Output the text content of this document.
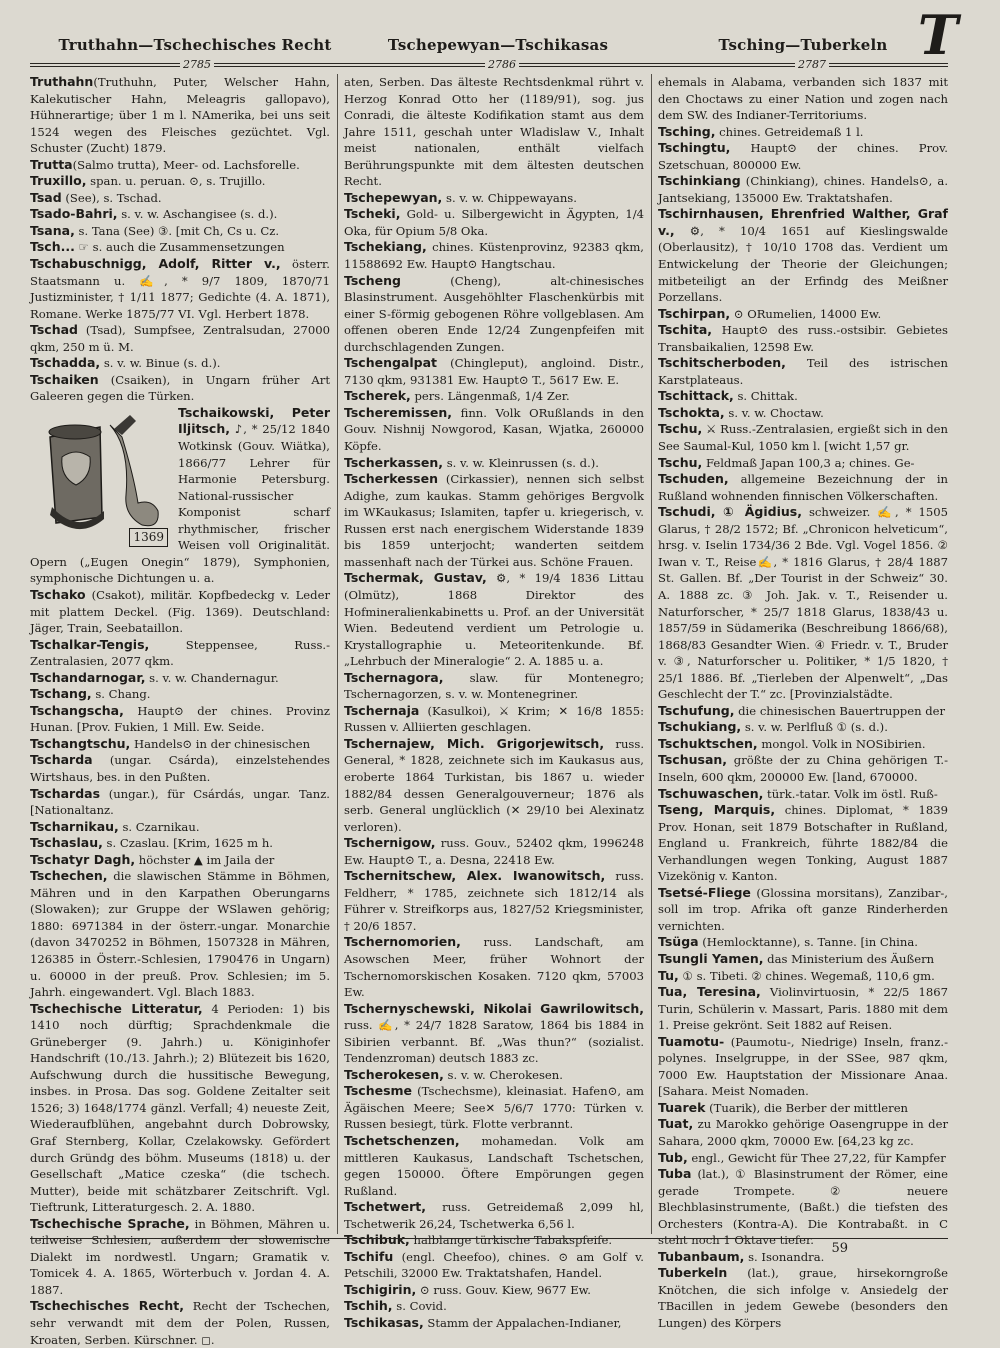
Truthahn—Tschechisches Recht	Tschepewyan—Tschikasas	Tsching—Tuberkeln T
2785	2786	2787

Truthahn(Truthuhn, Puter, Welscher Hahn, Kalekutischer Hahn, Meleagris gallopavo), Hühnerartige; über 1 m l. NAmerika, bei uns seit 1524 wegen des Fleisches gezüchtet. Vgl. Schuster (Zucht) 1879.

Trutta(Salmo trutta), Meer- od. Lachsforelle.

Truxillo, span. u. peruan. ⊙, s. Trujillo.

Tsad (See), s. Tschad.

Tsado-Bahri, s. v. w. Aschangisee (s. d.).

Tsana, s. Tana (See) ③. [mit Ch, Cs u. Cz.

Tsch... ☞ s. auch die Zusammensetzungen

Tschabuschnigg, Adolf, Ritter v., österr. Staatsmann u. ✍, * 9/7 1809, 1870/71 Justizminister, † 1/11 1877; Gedichte (4. A. 1871), Romane. Werke 1875/77 VI. Vgl. Herbert 1878.

Tschad (Tsad), Sumpfsee, Zentralsudan, 27000 qkm, 250 m ü. M.

Tschadda, s. v. w. Binue (s. d.).

Tschaiken (Csaiken), in Ungarn früher Art Galeeren gegen die Türken.

1369

Tschaikowski, Peter Iljitsch, ♪, * 25/12 1840 Wotkinsk (Gouv. Wiätka), 1866/77 Lehrer für Harmonie Petersburg. National-russischer Komponist scharf rhythmischer, frischer Weisen voll Originalität. Opern („Eugen Onegin“ 1879), Symphonien, symphonische Dichtungen u. a.

Tschako (Csakot), militär. Kopfbedeckg v. Leder mit plattem Deckel. (Fig. 1369). Deutschland: Jäger, Train, Seebataillon.

Tschalkar-Tengis, Steppensee, Russ.-Zentralasien, 2077 qkm.

Tschandarnogar, s. v. w. Chandernagur.

Tschang, s. Chang.

Tschangscha, Haupt⊙ der chines. Provinz Hunan. [Prov. Fukien, 1 Mill. Ew. Seide.

Tschangtschu, Handels⊙ in der chinesischen

Tscharda (ungar. Csárda), einzelstehendes Wirtshaus, bes. in den Pußten.

Tschardas (ungar.), für Csárdás, ungar. Tanz. [Nationaltanz.

Tscharnikau, s. Czarnikau.

Tschaslau, s. Czaslau. [Krim, 1625 m h.

Tschatyr Dagh, höchster ▲ im Jaila der

Tschechen, die slawischen Stämme in Böhmen, Mähren und in den Karpathen Oberungarns (Slowaken); zur Gruppe der WSlawen gehörig; 1880: 6971384 in der österr.-ungar. Monarchie (davon 3470252 in Böhmen, 1507328 in Mähren, 126385 in Österr.-Schlesien, 1790476 in Ungarn) u. 60000 in der preuß. Prov. Schlesien; im 5. Jahrh. eingewandert. Vgl. Blach 1883.

Tschechische Litteratur, 4 Perioden: 1) bis 1410 noch dürftig; Sprachdenkmale die Grüneberger (9. Jahrh.) u. Königinhofer Handschrift (10./13. Jahrh.); 2) Blütezeit bis 1620, Aufschwung durch die hussitische Bewegung, insbes. in Prosa. Das sog. Goldene Zeitalter seit 1526; 3) 1648/1774 gänzl. Verfall; 4) neueste Zeit, Wiederaufblühen, angebahnt durch Dobrowsky, Graf Sternberg, Kollar, Czelakowsky. Gefördert durch Gründg des böhm. Museums (1818) u. der Gesellschaft „Matice czeska“ (die tschech. Mutter), beide mit schätzbarer Zeitschrift. Vgl. Tieftrunk, Litteraturgesch. 2. A. 1880.

Tschechische Sprache, in Böhmen, Mähren u. teilweise Schlesien, außerdem der slowenische Dialekt im nordwestl. Ungarn; Gramatik v. Tomicek 4. A. 1865, Wörterbuch v. Jordan 4. A. 1887.

Tschechisches Recht, Recht der Tschechen, sehr verwandt mit dem der Polen, Russen, Kroaten, Serben. Kürschner. ◻.

aten, Serben. Das älteste Rechtsdenkmal rührt v. Herzog Konrad Otto her (1189/91), sog. jus Conradi, die älteste Kodifikation stamt aus dem Jahre 1511, geschah unter Wladislaw V., Inhalt meist nationalen, enthält vielfach Berührungspunkte mit dem ältesten deutschen Recht.

Tschepewyan, s. v. w. Chippewayans.

Tscheki, Gold- u. Silbergewicht in Ägypten, 1/4 Oka, für Opium 5/8 Oka.

Tschekiang, chines. Küstenprovinz, 92383 qkm, 11588692 Ew. Haupt⊙ Hangtschau.

Tscheng (Cheng), alt-chinesisches Blasinstrument. Ausgehöhlter Flaschenkürbis mit einer S-förmig gebogenen Röhre vollgeblasen. Am offenen oberen Ende 12/24 Zungenpfeifen mit durchschlagenden Zungen.

Tschengalpat (Chingleput), angloind. Distr., 7130 qkm, 931381 Ew. Haupt⊙ T., 5617 Ew. E.

Tscherek, pers. Längenmaß, 1/4 Zer.

Tscheremissen, finn. Volk ORußlands in den Gouv. Nishnij Nowgorod, Kasan, Wjatka, 260000 Köpfe.

Tscherkassen, s. v. w. Kleinrussen (s. d.).

Tscherkessen (Cirkassier), nennen sich selbst Adighe, zum kaukas. Stamm gehöriges Bergvolk im WKaukasus; Islamiten, tapfer u. kriegerisch, v. Russen erst nach energischem Widerstande 1839 bis 1859 unterjocht; wanderten seitdem massenhaft nach der Türkei aus. Schöne Frauen.

Tschermak, Gustav, ⚙, * 19/4 1836 Littau (Olmütz), 1868 Direktor des Hofmineralienkabinetts u. Prof. an der Universität Wien. Bedeutend verdient um Petrologie u. Krystallographie u. Meteoritenkunde. Bf. „Lehrbuch der Mineralogie“ 2. A. 1885 u. a.

Tschernagora, slaw. für Montenegro; Tschernagorzen, s. v. w. Montenegriner.

Tschernaja (Kasulkoi), ⚔ Krim; ✕ 16/8 1855: Russen v. Alliierten geschlagen.

Tschernajew, Mich. Grigorjewitsch, russ. General, * 1828, zeichnete sich im Kaukasus aus, eroberte 1864 Turkistan, bis 1867 u. wieder 1882/84 dessen Generalgouverneur; 1876 als serb. General unglücklich (✕ 29/10 bei Alexinatz verloren).

Tschernigow, russ. Gouv., 52402 qkm, 1996248 Ew. Haupt⊙ T., a. Desna, 22418 Ew.

Tschernitschew, Alex. Iwanowitsch, russ. Feldherr, * 1785, zeichnete sich 1812/14 als Führer v. Streifkorps aus, 1827/52 Kriegsminister, † 20/6 1857.

Tschernomorien, russ. Landschaft, am Asowschen Meer, früher Wohnort der Tschernomorskischen Kosaken. 7120 qkm, 57003 Ew.

Tschernyschewski, Nikolai Gawrilowitsch, russ. ✍, * 24/7 1828 Saratow, 1864 bis 1884 in Sibirien verbannt. Bf. „Was thun?“ (sozialist. Tendenzroman) deutsch 1883 zc.

Tscherokesen, s. v. w. Cherokesen.

Tschesme (Tschechsme), kleinasiat. Hafen⊙, am Ägäischen Meere; See✕ 5/6/7 1770: Türken v. Russen besiegt, türk. Flotte verbrannt.

Tschetschenzen, mohamedan. Volk am mittleren Kaukasus, Landschaft Tschetschen, gegen 150000. Öftere Empörungen gegen Rußland.

Tschetwert, russ. Getreidemaß 2,099 hl, Tschetwerik 26,24, Tschetwerka 6,56 l.

Tschibuk, halblange türkische Tabakspfeife.

Tschifu (engl. Cheefoo), chines. ⊙ am Golf v. Petschili, 32000 Ew. Traktatshafen, Handel.

Tschigirin, ⊙ russ. Gouv. Kiew, 9677 Ew.

Tschih, s. Covid.

Tschikasas, Stamm der Appalachen-Indianer,

ehemals in Alabama, verbanden sich 1837 mit den Choctaws zu einer Nation und zogen nach dem SW. des Indianer-Territoriums.

Tsching, chines. Getreidemaß 1 l.

Tschingtu, Haupt⊙ der chines. Prov. Szetschuan, 800000 Ew.

Tschinkiang (Chinkiang), chines. Handels⊙, a. Jantsekiang, 135000 Ew. Traktatshafen.

Tschirnhausen, Ehrenfried Walther, Graf v., ⚙, * 10/4 1651 auf Kieslingswalde (Oberlausitz), † 10/10 1708 das. Verdient um Entwickelung der Theorie der Gleichungen; mitbeteiligt an der Erfindg des Meißner Porzellans.

Tschirpan, ⊙ ORumelien, 14000 Ew.

Tschita, Haupt⊙ des russ.-ostsibir. Gebietes Transbaikalien, 12598 Ew.

Tschitscherboden, Teil des istrischen Karstplateaus.

Tschittack, s. Chittak.

Tschokta, s. v. w. Choctaw.

Tschu, ⚔ Russ.-Zentralasien, ergießt sich in den See Saumal-Kul, 1050 km l. [wicht 1,57 gr.

Tschu, Feldmaß Japan 100,3 a; chines. Ge-

Tschuden, allgemeine Bezeichnung der in Rußland wohnenden finnischen Völkerschaften.

Tschudi, ① Ägidius, schweizer. ✍, * 1505 Glarus, † 28/2 1572; Bf. „Chronicon helveticum“, hrsg. v. Iselin 1734/36 2 Bde. Vgl. Vogel 1856. ② Iwan v. T., Reise✍, * 1816 Glarus, † 28/4 1887 St. Gallen. Bf. „Der Tourist in der Schweiz“ 30. A. 1888 zc. ③ Joh. Jak. v. T., Reisender u. Naturforscher, * 25/7 1818 Glarus, 1838/43 u. 1857/59 in Südamerika (Beschreibung 1866/68), 1868/83 Gesandter Wien. ④ Friedr. v. T., Bruder v. ③, Naturforscher u. Politiker, * 1/5 1820, † 25/1 1886. Bf. „Tierleben der Alpenwelt“, „Das Geschlecht der T.“ zc. [Provinzialstädte.

Tschufung, die chinesischen Bauertruppen der

Tschukiang, s. v. w. Perlfluß ① (s. d.).

Tschuktschen, mongol. Volk in NOSibirien.

Tschusan, größte der zu China gehörigen T.-Inseln, 600 qkm, 200000 Ew. [land, 670000.

Tschuwaschen, türk.-tatar. Volk im östl. Ruß-

Tseng, Marquis, chines. Diplomat, * 1839 Prov. Honan, seit 1879 Botschafter in Rußland, England u. Frankreich, führte 1882/84 die Verhandlungen wegen Tonking, August 1887 Vizekönig v. Kanton.

Tsetsé-Fliege (Glossina morsitans), Zanzibar-, soll im trop. Afrika oft ganze Rinderherden vernichten.

Tsüga (Hemlocktanne), s. Tanne. [in China.

Tsungli Yamen, das Ministerium des Äußern

Tu, ① s. Tibeti. ② chines. Wegemaß, 110,6 gm.

Tua, Teresina, Violinvirtuosin, * 22/5 1867 Turin, Schülerin v. Massart, Paris. 1880 mit dem 1. Preise gekrönt. Seit 1882 auf Reisen.

Tuamotu- (Paumotu-, Niedrige) Inseln, franz.-polynes. Inselgruppe, in der SSee, 987 qkm, 7000 Ew. Hauptstation der Missionare Anaa. [Sahara. Meist Nomaden.

Tuarek (Tuarik), die Berber der mittleren

Tuat, zu Marokko gehörige Oasengruppe in der Sahara, 2000 qkm, 70000 Ew. [64,23 kg zc.

Tub, engl., Gewicht für Thee 27,22, für Kampfer

Tuba (lat.), ① Blasinstrument der Römer, eine gerade Trompete. ② neuere Blechblasinstrumente, (Baßt.) die tiefsten des Orchesters (Kontra-A). Die Kontrabaßt. in C steht noch 1 Oktave tiefer.

Tubanbaum, s. Isonandra.

Tuberkeln (lat.), graue, hirsekorngroße Knötchen, die sich infolge v. Ansiedelg der TBacillen in jedem Gewebe (besonders den Lungen) des Körpers

59
